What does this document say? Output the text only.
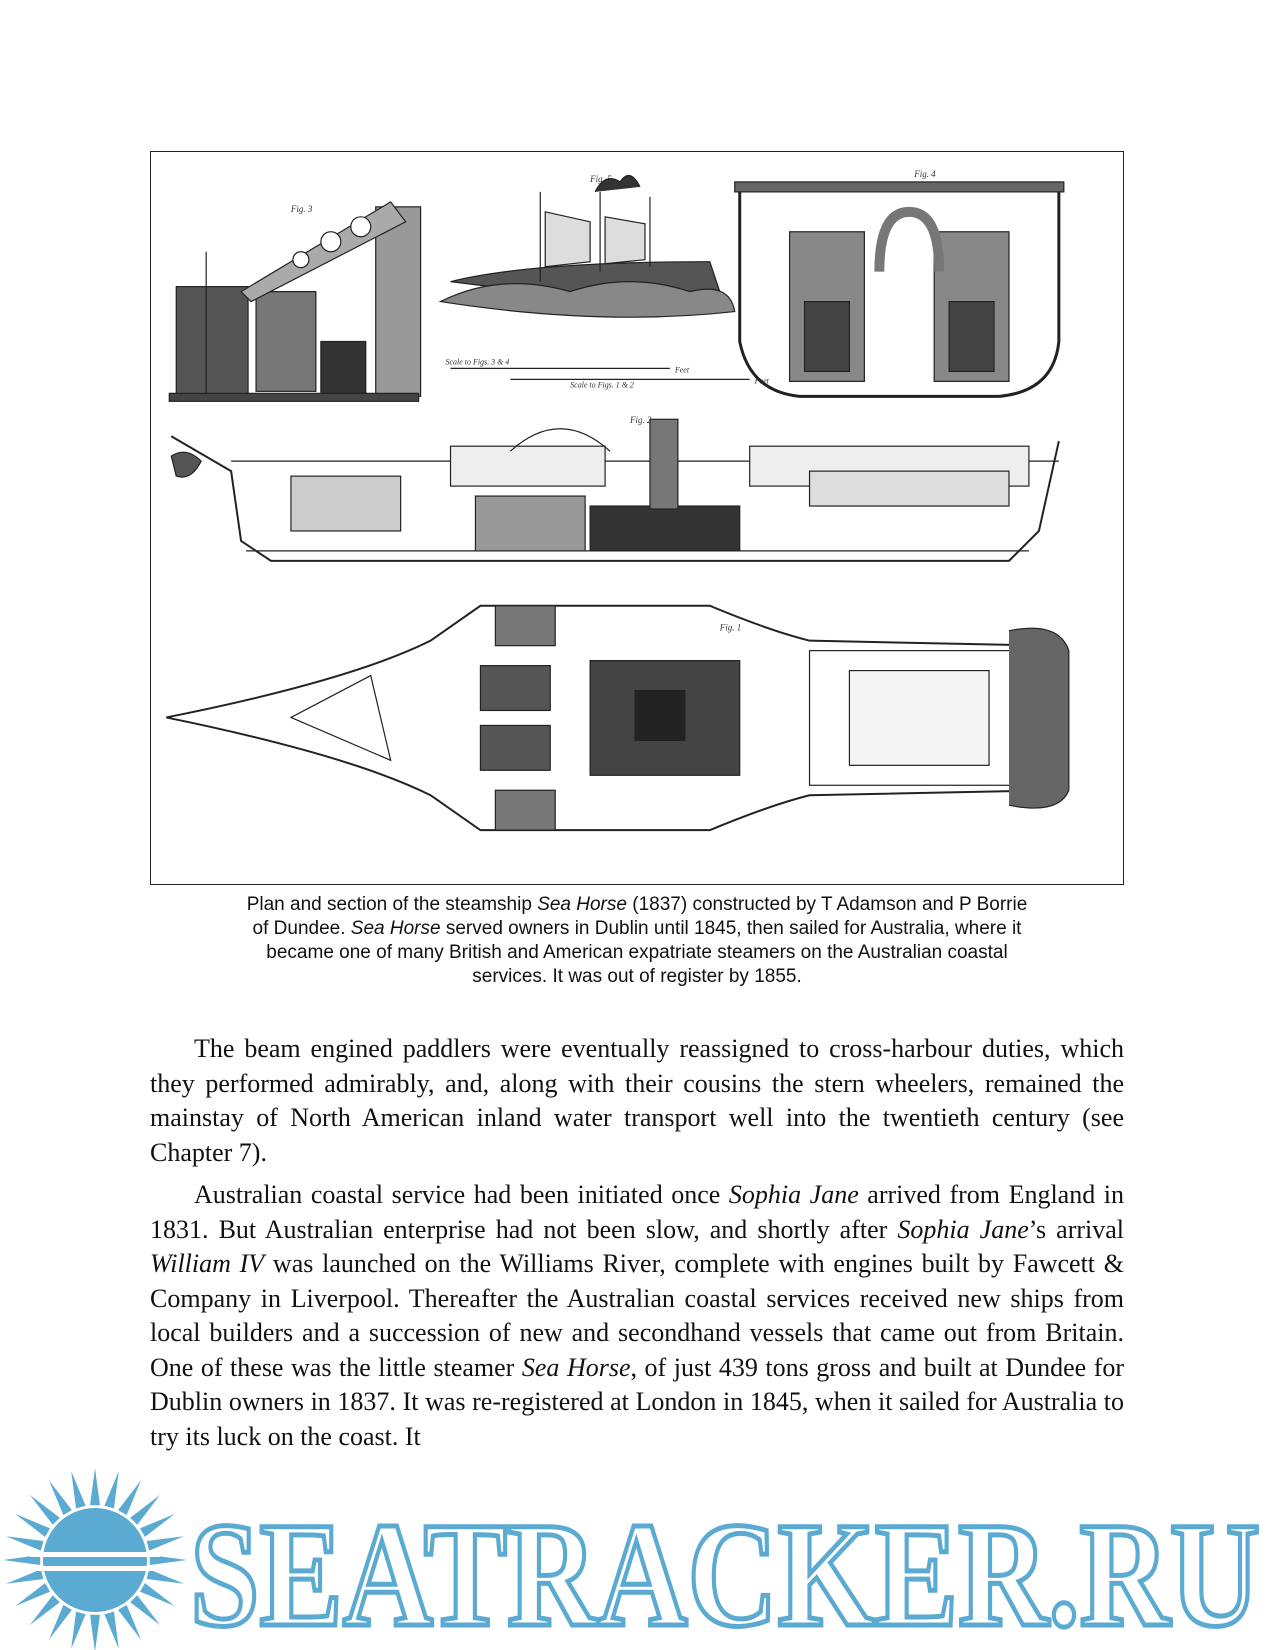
Fig. 3
Fig. 5
Scale to Figs. 3 & 4
Feet
Scale to Figs. 1 & 2	Feet
Fig. 4
Fig. 2
Fig. 1
Plan and section of the steamship Sea Horse (1837) constructed by T Adamson and P Borrie
of Dundee. Sea Horse served owners in Dublin until 1845, then sailed for Australia, where it
became one of many British and American expatriate steamers on the Australian coastal
services. It was out of register by 1855.

The beam engined paddlers were eventually reassigned to cross-harbour duties, which they performed admirably, and, along with their cousins the stern wheelers, remained the mainstay of North American inland water transport well into the twentieth century (see Chapter 7).

Australian coastal service had been initiated once Sophia Jane arrived from England in 1831. But Australian enterprise had not been slow, and shortly after Sophia Jane’s arrival William IV was launched on the Williams River, complete with engines built by Fawcett & Company in Liverpool. Thereafter the Australian coastal services received new ships from local builders and a succession of new and secondhand vessels that came out from Britain. One of these was the little steamer Sea Horse, of just 439 tons gross and built at Dundee for Dublin owners in 1837. It was re-registered at London in 1845, when it sailed for Australia to try its luck on the coast. It

SEATRACKER.RU
